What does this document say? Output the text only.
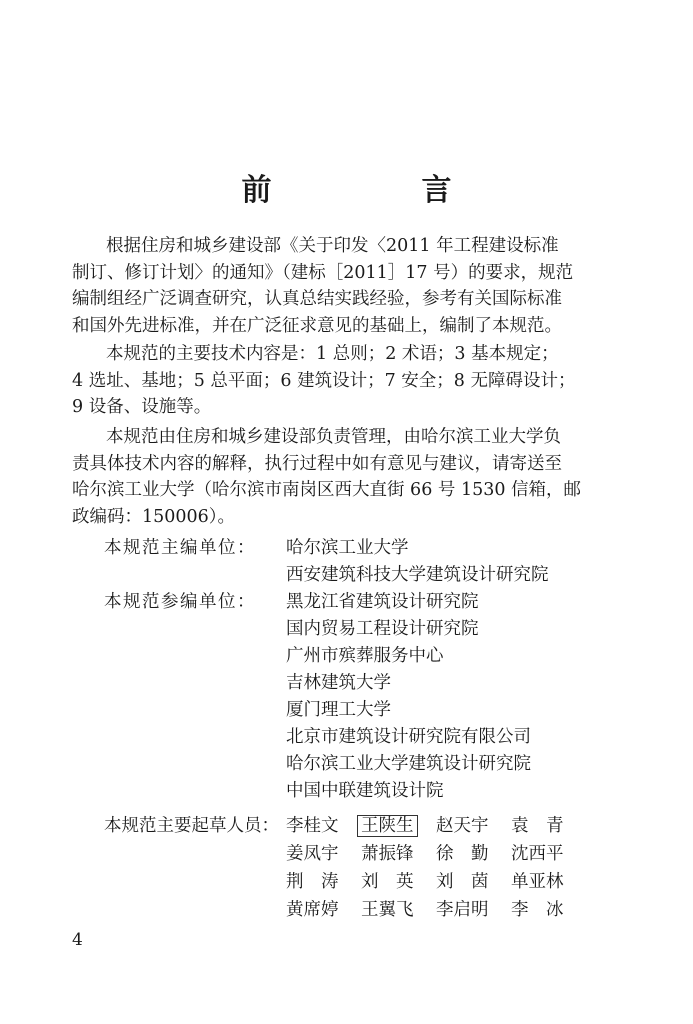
前　言

根据住房和城乡建设部《关于印发〈2011 年工程建设标准
制订、修订计划〉的通知》（建标［2011］17 号）的要求，规范
编制组经广泛调查研究，认真总结实践经验，参考有关国际标准
和国外先进标准，并在广泛征求意见的基础上，编制了本规范。

本规范的主要技术内容是：1 总则；2 术语；3 基本规定；
4 选址、基地；5 总平面；6 建筑设计；7 安全；8 无障碍设计；
9 设备、设施等。

本规范由住房和城乡建设部负责管理，由哈尔滨工业大学负
责具体技术内容的解释，执行过程中如有意见与建议，请寄送至
哈尔滨工业大学（哈尔滨市南岗区西大直街 66 号 1530 信箱，邮
政编码：150006）。

本规范主编单位： 哈尔滨工业大学
西安建筑科技大学建筑设计研究院
本规范参编单位： 黑龙江省建筑设计研究院
国内贸易工程设计研究院
广州市殡葬服务中心
吉林建筑大学
厦门理工大学
北京市建筑设计研究院有限公司
哈尔滨工业大学建筑设计研究院
中国中联建筑设计院
本规范主要起草人员： 李桂文	王陕生	赵天宇	袁　青
姜凤宇	萧振锋	徐　勤	沈西平
荆　涛	刘　英	刘　茵	单亚林
黄席婷	王翼飞	李启明	李　冰
4
